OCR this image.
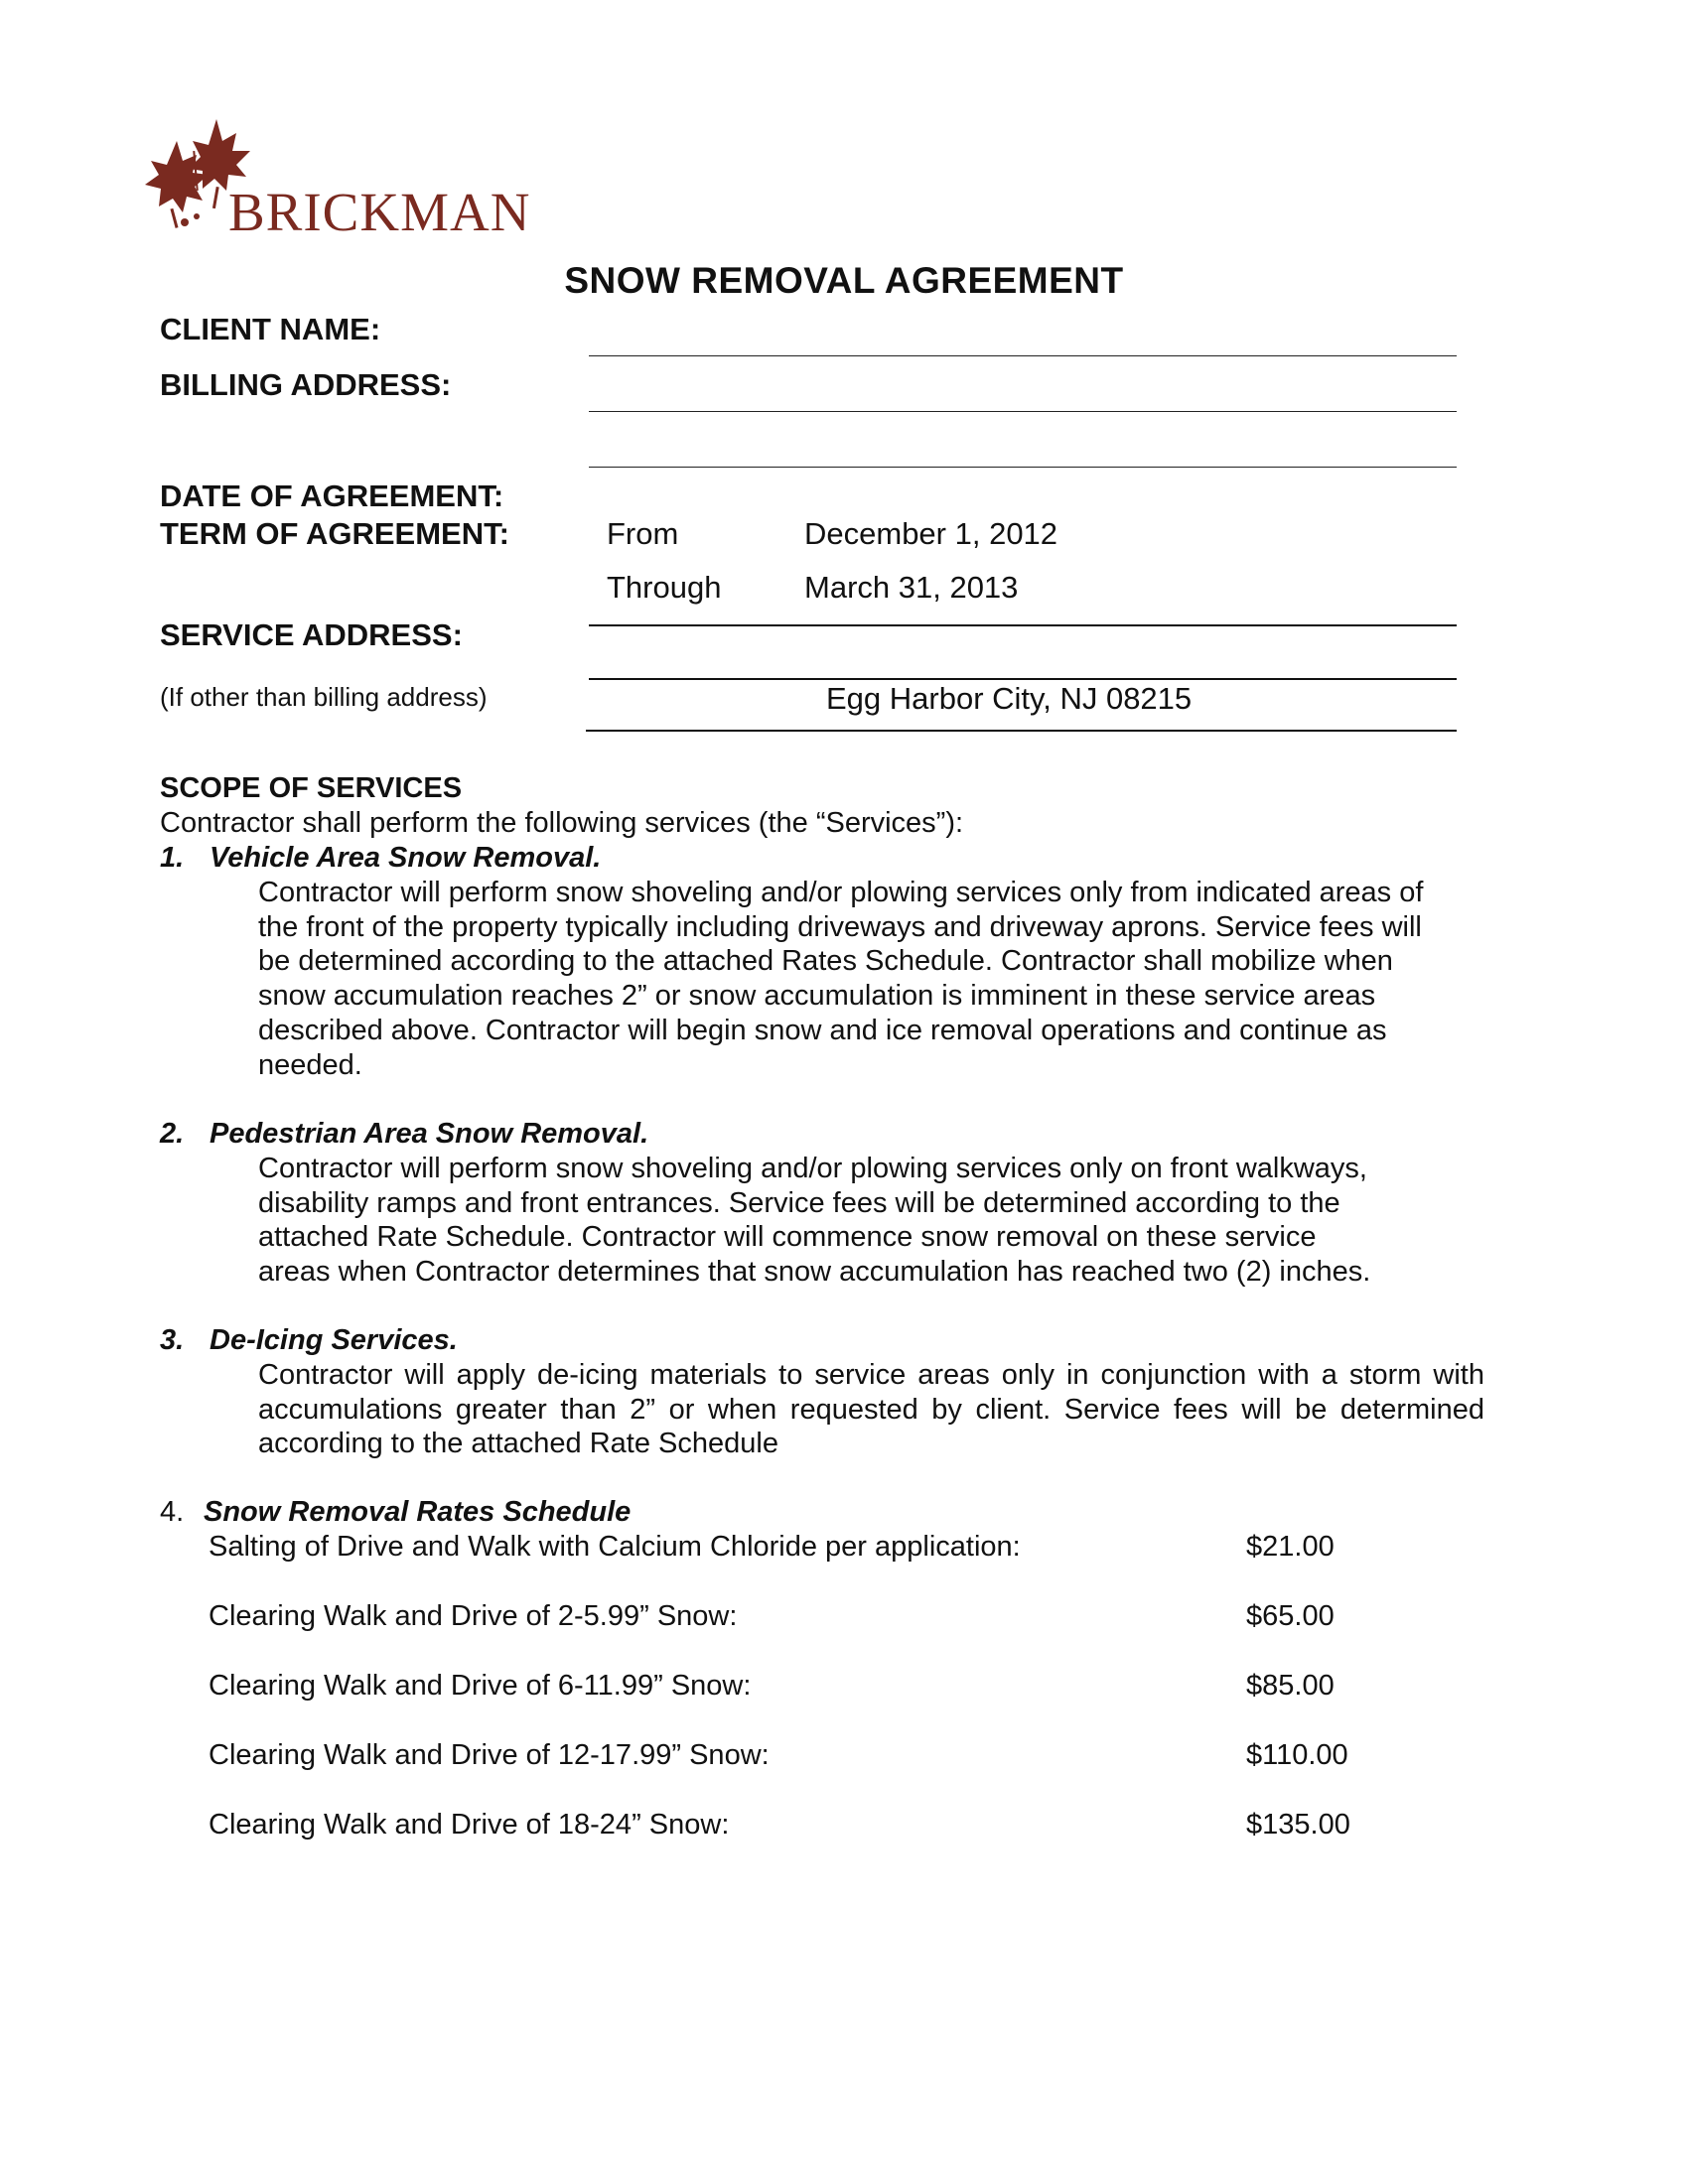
BRICKMAN
SNOW REMOVAL AGREEMENT
CLIENT NAME:
BILLING ADDRESS:
DATE OF AGREEMENT:
TERM OF AGREEMENT:	From	December 1, 2012
Through	March 31, 2013
SERVICE ADDRESS:
(If other than billing address)	Egg Harbor City, NJ 08215
SCOPE OF SERVICES
Contractor shall perform the following services (the “Services”):
1. Vehicle Area Snow Removal.
Contractor will perform snow shoveling and/or plowing services only from indicated areas of
the front of the property typically including driveways and driveway aprons. Service fees will
be determined according to the attached Rates Schedule. Contractor shall mobilize when
snow accumulation reaches 2” or snow accumulation is imminent in these service areas
described above. Contractor will begin snow and ice removal operations and continue as
needed.
2. Pedestrian Area Snow Removal.
Contractor will perform snow shoveling and/or plowing services only on front walkways,
disability ramps and front entrances. Service fees will be determined according to the
attached Rate Schedule. Contractor will commence snow removal on these service
areas when Contractor determines that snow accumulation has reached two (2) inches.
3. De-Icing Services.
Contractor will apply de-icing materials to service areas only in conjunction with a storm with accumulations greater than 2” or when requested by client. Service fees will be determined according to the attached Rate Schedule
4. Snow Removal Rates Schedule
Salting of Drive and Walk with Calcium Chloride per application:	$21.00
Clearing Walk and Drive of 2-5.99” Snow:	$65.00
Clearing Walk and Drive of 6-11.99” Snow:	$85.00
Clearing Walk and Drive of 12-17.99” Snow:	$110.00
Clearing Walk and Drive of 18-24” Snow:	$135.00
